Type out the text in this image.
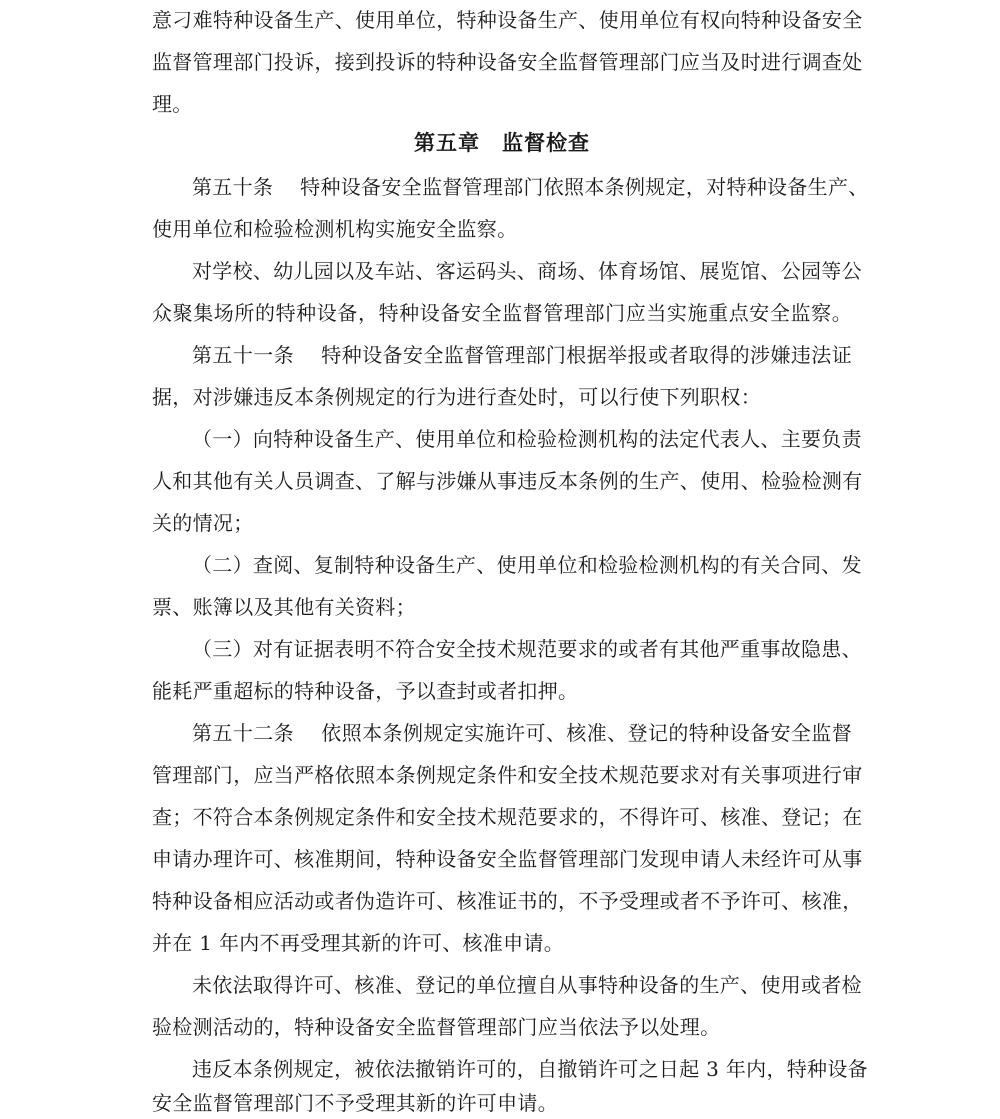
意刁难特种设备生产、使用单位，特种设备生产、使用单位有权向特种设备安全
监督管理部门投诉，接到投诉的特种设备安全监督管理部门应当及时进行调查处
理。
第五章　监督检查
第五十条　 特种设备安全监督管理部门依照本条例规定，对特种设备生产、
使用单位和检验检测机构实施安全监察。
对学校、幼儿园以及车站、客运码头、商场、体育场馆、展览馆、公园等公
众聚集场所的特种设备，特种设备安全监督管理部门应当实施重点安全监察。
第五十一条　 特种设备安全监督管理部门根据举报或者取得的涉嫌违法证
据，对涉嫌违反本条例规定的行为进行查处时，可以行使下列职权：
（一）向特种设备生产、使用单位和检验检测机构的法定代表人、主要负责
人和其他有关人员调查、了解与涉嫌从事违反本条例的生产、使用、检验检测有
关的情况；
（二）查阅、复制特种设备生产、使用单位和检验检测机构的有关合同、发
票、账簿以及其他有关资料；
（三）对有证据表明不符合安全技术规范要求的或者有其他严重事故隐患、
能耗严重超标的特种设备，予以查封或者扣押。
第五十二条　 依照本条例规定实施许可、核准、登记的特种设备安全监督
管理部门，应当严格依照本条例规定条件和安全技术规范要求对有关事项进行审
查；不符合本条例规定条件和安全技术规范要求的，不得许可、核准、登记；在
申请办理许可、核准期间，特种设备安全监督管理部门发现申请人未经许可从事
特种设备相应活动或者伪造许可、核准证书的，不予受理或者不予许可、核准，
并在 1 年内不再受理其新的许可、核准申请。
未依法取得许可、核准、登记的单位擅自从事特种设备的生产、使用或者检
验检测活动的，特种设备安全监督管理部门应当依法予以处理。
违反本条例规定，被依法撤销许可的，自撤销许可之日起 3 年内，特种设备
安全监督管理部门不予受理其新的许可申请。
